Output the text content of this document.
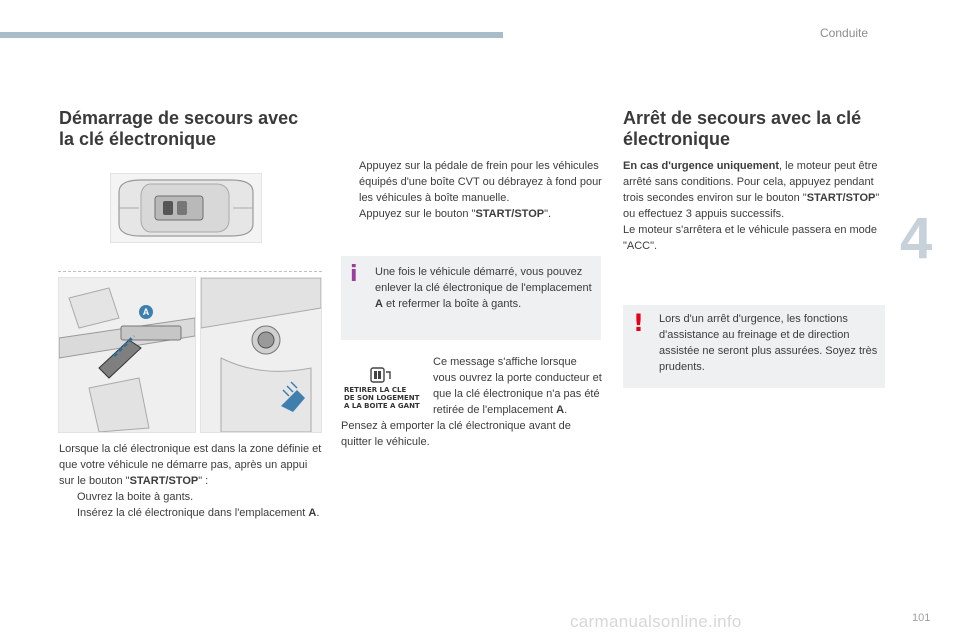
Conduite
4
101
carmanualsonline.info
Démarrage de secours avec
la clé électronique
A
Lorsque la clé électronique est dans la zone définie et que votre véhicule ne démarre pas, après un appui sur le bouton "START/STOP" :
Ouvrez la boite à gants.
Insérez la clé électronique dans l'emplacement A.
Appuyez sur la pédale de frein pour les véhicules équipés d'une boîte CVT ou débrayez à fond pour les véhicules à boîte manuelle.
Appuyez sur le bouton "START/STOP".
i Une fois le véhicule démarré, vous pouvez enlever la clé électronique de l'emplacement A et refermer la boîte à gants.
RETIRER LA CLE
DE SON LOGEMENT
A LA BOITE A GANT
Ce message s'affiche lorsque vous ouvrez la porte conducteur et que la clé électronique n'a pas été retirée de l'emplacement A. Pensez à emporter la clé électronique avant de quitter le véhicule.
Arrêt de secours avec la clé
électronique
En cas d'urgence uniquement, le moteur peut être arrêté sans conditions. Pour cela, appuyez pendant trois secondes environ sur le bouton "START/STOP" ou effectuez 3 appuis successifs.
Le moteur s'arrêtera et le véhicule passera en mode "ACC".
! Lors d'un arrêt d'urgence, les fonctions d'assistance au freinage et de direction assistée ne seront plus assurées. Soyez très prudents.
